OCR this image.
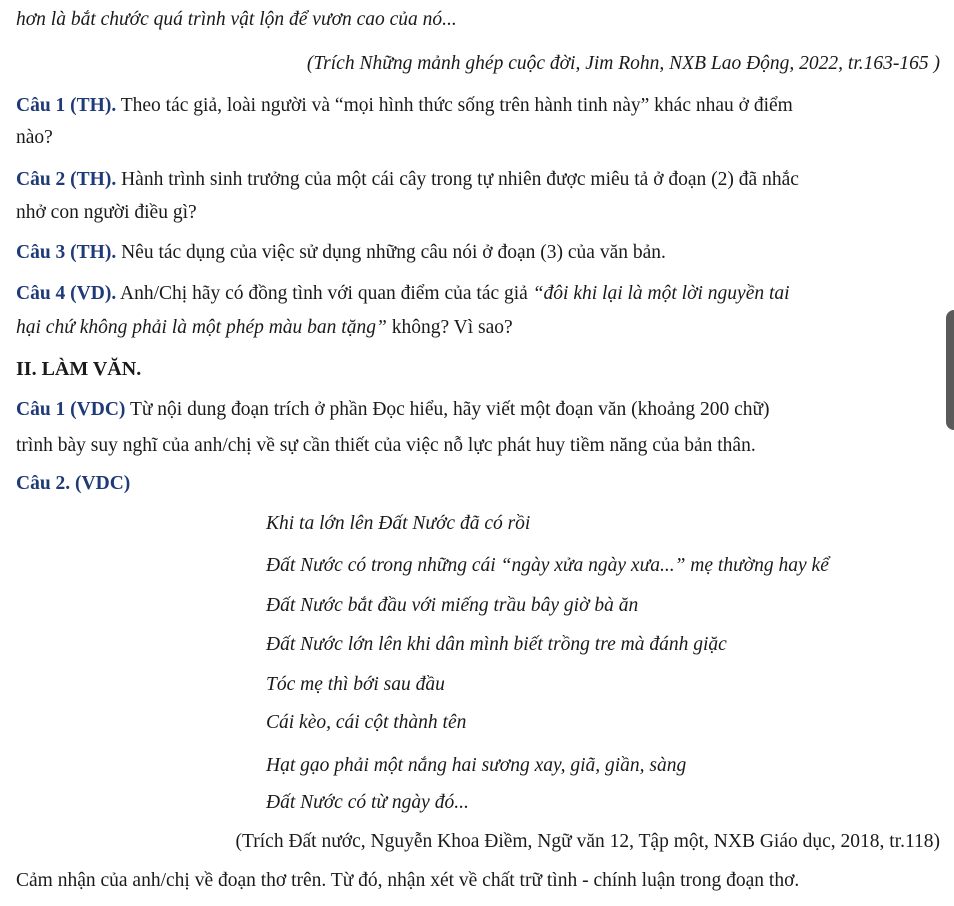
hơn là bắt chước quá trình vật lộn để vươn cao của nó...
(Trích Những mảnh ghép cuộc đời, Jim Rohn, NXB Lao Động, 2022, tr.163-165 )
Câu 1 (TH). Theo tác giả, loài người và “mọi hình thức sống trên hành tinh này” khác nhau ở điểm
nào?
Câu 2 (TH). Hành trình sinh trưởng của một cái cây trong tự nhiên được miêu tả ở đoạn (2) đã nhắc
nhở con người điều gì?
Câu 3 (TH). Nêu tác dụng của việc sử dụng những câu nói ở đoạn (3) của văn bản.
Câu 4 (VD). Anh/Chị hãy có đồng tình với quan điểm của tác giả “đôi khi lại là một lời nguyền tai
hại chứ không phải là một phép màu ban tặng” không? Vì sao?
II. LÀM VĂN.
Câu 1 (VDC) Từ nội dung đoạn trích ở phần Đọc hiểu, hãy viết một đoạn văn (khoảng 200 chữ)
trình bày suy nghĩ của anh/chị về sự cần thiết của việc nỗ lực phát huy tiềm năng của bản thân.
Câu 2. (VDC)
Khi ta lớn lên Đất Nước đã có rồi
Đất Nước có trong những cái “ngày xửa ngày xưa...” mẹ thường hay kể
Đất Nước bắt đầu với miếng trầu bây giờ bà ăn
Đất Nước lớn lên khi dân mình biết trồng tre mà đánh giặc
Tóc mẹ thì bới sau đầu
Cái kèo, cái cột thành tên
Hạt gạo phải một nắng hai sương xay, giã, giần, sàng
Đất Nước có từ ngày đó...
(Trích Đất nước, Nguyễn Khoa Điềm, Ngữ văn 12, Tập một, NXB Giáo dục, 2018, tr.118)
Cảm nhận của anh/chị về đoạn thơ trên. Từ đó, nhận xét về chất trữ tình - chính luận trong đoạn thơ.
